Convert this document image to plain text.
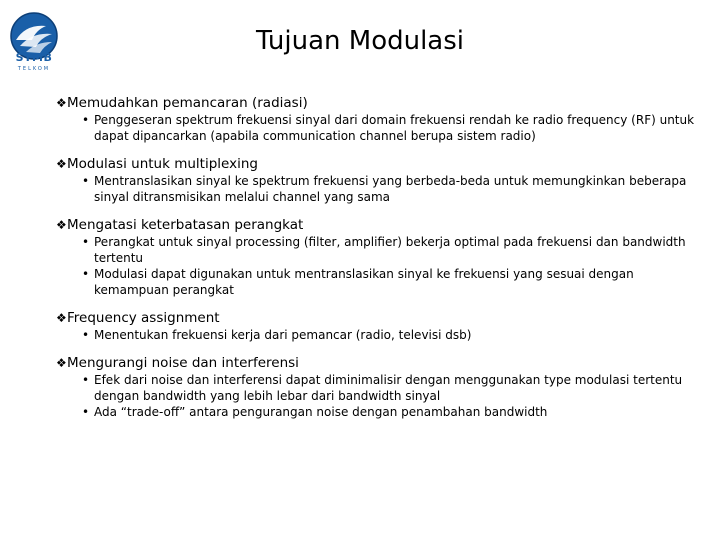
STMB
TELKOM
Tujuan Modulasi
❖ Memudahkan pemancaran (radiasi)
• Penggeseran spektrum frekuensi sinyal dari domain frekuensi rendah ke radio frequency (RF) untuk dapat dipancarkan (apabila communication channel berupa sistem radio)
❖ Modulasi untuk multiplexing
• Mentranslasikan sinyal ke spektrum frekuensi yang berbeda-beda untuk memungkinkan beberapa sinyal ditransmisikan melalui channel yang sama
❖ Mengatasi keterbatasan perangkat
• Perangkat untuk sinyal processing (filter, amplifier) bekerja optimal pada frekuensi dan bandwidth tertentu
• Modulasi dapat digunakan untuk mentranslasikan sinyal ke frekuensi yang sesuai dengan kemampuan perangkat
❖ Frequency assignment
• Menentukan frekuensi kerja dari pemancar (radio, televisi dsb)
❖ Mengurangi noise dan interferensi
• Efek dari noise dan interferensi dapat diminimalisir dengan menggunakan type modulasi tertentu dengan bandwidth yang lebih lebar dari bandwidth sinyal
• Ada “trade-off” antara pengurangan noise dengan penambahan bandwidth
